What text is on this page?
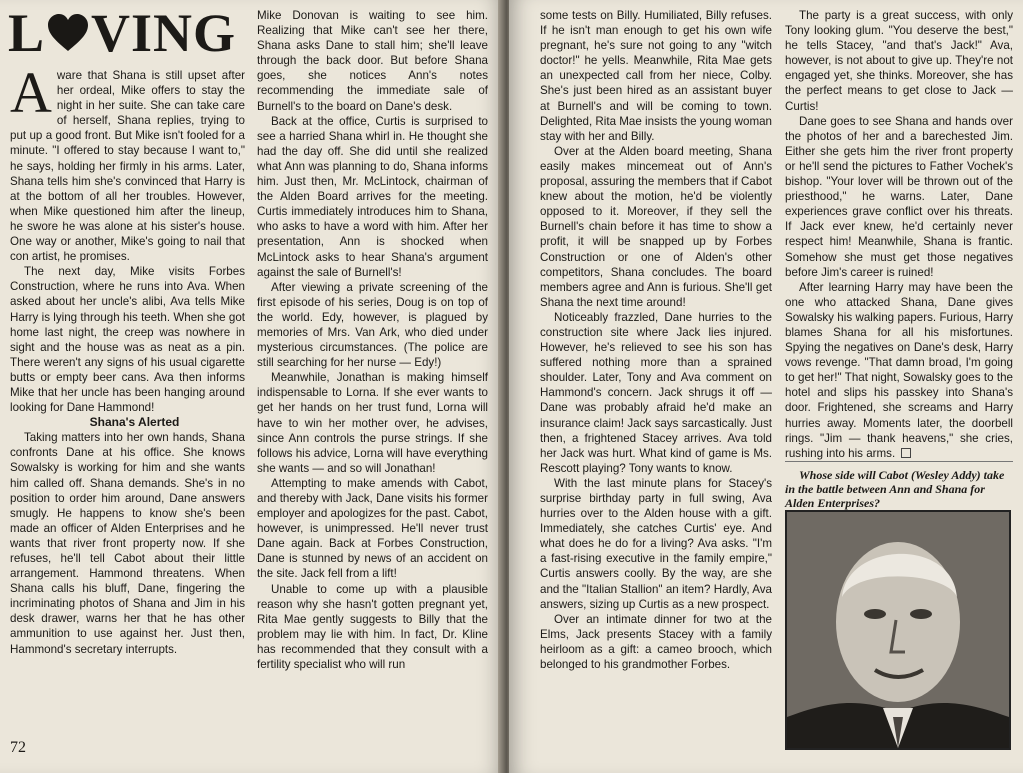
L VING

Aware that Shana is still upset after her ordeal, Mike offers to stay the night in her suite. She can take care of herself, Shana replies, trying to put up a good front. But Mike isn't fooled for a minute. "I offered to stay because I want to," he says, holding her firmly in his arms. Later, Shana tells him she's convinced that Harry is at the bottom of all her troubles. However, when Mike questioned him after the lineup, he swore he was alone at his sister's house. One way or another, Mike's going to nail that con artist, he promises.

The next day, Mike visits Forbes Construction, where he runs into Ava. When asked about her uncle's alibi, Ava tells Mike Harry is lying through his teeth. When she got home last night, the creep was nowhere in sight and the house was as neat as a pin. There weren't any signs of his usual cigarette butts or empty beer cans. Ava then informs Mike that her uncle has been hanging around looking for Dane Hammond!

Shana's Alerted

Taking matters into her own hands, Shana confronts Dane at his office. She knows Sowalsky is working for him and she wants him called off. Shana demands. She's in no position to order him around, Dane answers smugly. He happens to know she's been made an officer of Alden Enterprises and he wants that river front property now. If she refuses, he'll tell Cabot about their little arrangement. Hammond threatens. When Shana calls his bluff, Dane, fingering the incriminating photos of Shana and Jim in his desk drawer, warns her that he has other ammunition to use against her. Just then, Hammond's secretary interrupts.

Mike Donovan is waiting to see him. Realizing that Mike can't see her there, Shana asks Dane to stall him; she'll leave through the back door. But before Shana goes, she notices Ann's notes recommending the immediate sale of Burnell's to the board on Dane's desk.

Back at the office, Curtis is surprised to see a harried Shana whirl in. He thought she had the day off. She did until she realized what Ann was planning to do, Shana informs him. Just then, Mr. McLintock, chairman of the Alden Board arrives for the meeting. Curtis immediately introduces him to Shana, who asks to have a word with him. After her presentation, Ann is shocked when McLintock asks to hear Shana's argument against the sale of Burnell's!

After viewing a private screening of the first episode of his series, Doug is on top of the world. Edy, however, is plagued by memories of Mrs. Van Ark, who died under mysterious circumstances. (The police are still searching for her nurse — Edy!)

Meanwhile, Jonathan is making himself indispensable to Lorna. If she ever wants to get her hands on her trust fund, Lorna will have to win her mother over, he advises, since Ann controls the purse strings. If she follows his advice, Lorna will have everything she wants — and so will Jonathan!

Attempting to make amends with Cabot, and thereby with Jack, Dane visits his former employer and apologizes for the past. Cabot, however, is unimpressed. He'll never trust Dane again. Back at Forbes Construction, Dane is stunned by news of an accident on the site. Jack fell from a lift!

Unable to come up with a plausible reason why she hasn't gotten pregnant yet, Rita Mae gently suggests to Billy that the problem may lie with him. In fact, Dr. Kline has recommended that they consult with a fertility specialist who will run

72

some tests on Billy. Humiliated, Billy refuses. If he isn't man enough to get his own wife pregnant, he's sure not going to any "witch doctor!" he yells. Meanwhile, Rita Mae gets an unexpected call from her niece, Colby. She's just been hired as an assistant buyer at Burnell's and will be coming to town. Delighted, Rita Mae insists the young woman stay with her and Billy.

Over at the Alden board meeting, Shana easily makes mincemeat out of Ann's proposal, assuring the members that if Cabot knew about the motion, he'd be violently opposed to it. Moreover, if they sell the Burnell's chain before it has time to show a profit, it will be snapped up by Forbes Construction or one of Alden's other competitors, Shana concludes. The board members agree and Ann is furious. She'll get Shana the next time around!

Noticeably frazzled, Dane hurries to the construction site where Jack lies injured. However, he's relieved to see his son has suffered nothing more than a sprained shoulder. Later, Tony and Ava comment on Hammond's concern. Jack shrugs it off — Dane was probably afraid he'd make an insurance claim! Jack says sarcastically. Just then, a frightened Stacey arrives. Ava told her Jack was hurt. What kind of game is Ms. Rescott playing? Tony wants to know.

With the last minute plans for Stacey's surprise birthday party in full swing, Ava hurries over to the Alden house with a gift. Immediately, she catches Curtis' eye. And what does he do for a living? Ava asks. "I'm a fast-rising executive in the family empire," Curtis answers coolly. By the way, are she and the "Italian Stallion" an item? Hardly, Ava answers, sizing up Curtis as a new prospect.

Over an intimate dinner for two at the Elms, Jack presents Stacey with a family heirloom as a gift: a cameo brooch, which belonged to his grandmother Forbes.

The party is a great success, with only Tony looking glum. "You deserve the best," he tells Stacey, "and that's Jack!" Ava, however, is not about to give up. They're not engaged yet, she thinks. Moreover, she has the perfect means to get close to Jack — Curtis!

Dane goes to see Shana and hands over the photos of her and a barechested Jim. Either she gets him the river front property or he'll send the pictures to Father Vochek's bishop. "Your lover will be thrown out of the priesthood," he warns. Later, Dane experiences grave conflict over his threats. If Jack ever knew, he'd certainly never respect him! Meanwhile, Shana is frantic. Somehow she must get those negatives before Jim's career is ruined!

After learning Harry may have been the one who attacked Shana, Dane gives Sowalsky his walking papers. Furious, Harry blames Shana for all his misfortunes. Spying the negatives on Dane's desk, Harry vows revenge. "That damn broad, I'm going to get her!" That night, Sowalsky goes to the hotel and slips his passkey into Shana's door. Frightened, she screams and Harry hurries away. Moments later, the doorbell rings. "Jim — thank heavens," she cries, rushing into his arms.

Whose side will Cabot (Wesley Addy) take in the battle between Ann and Shana for Alden Enterprises?
